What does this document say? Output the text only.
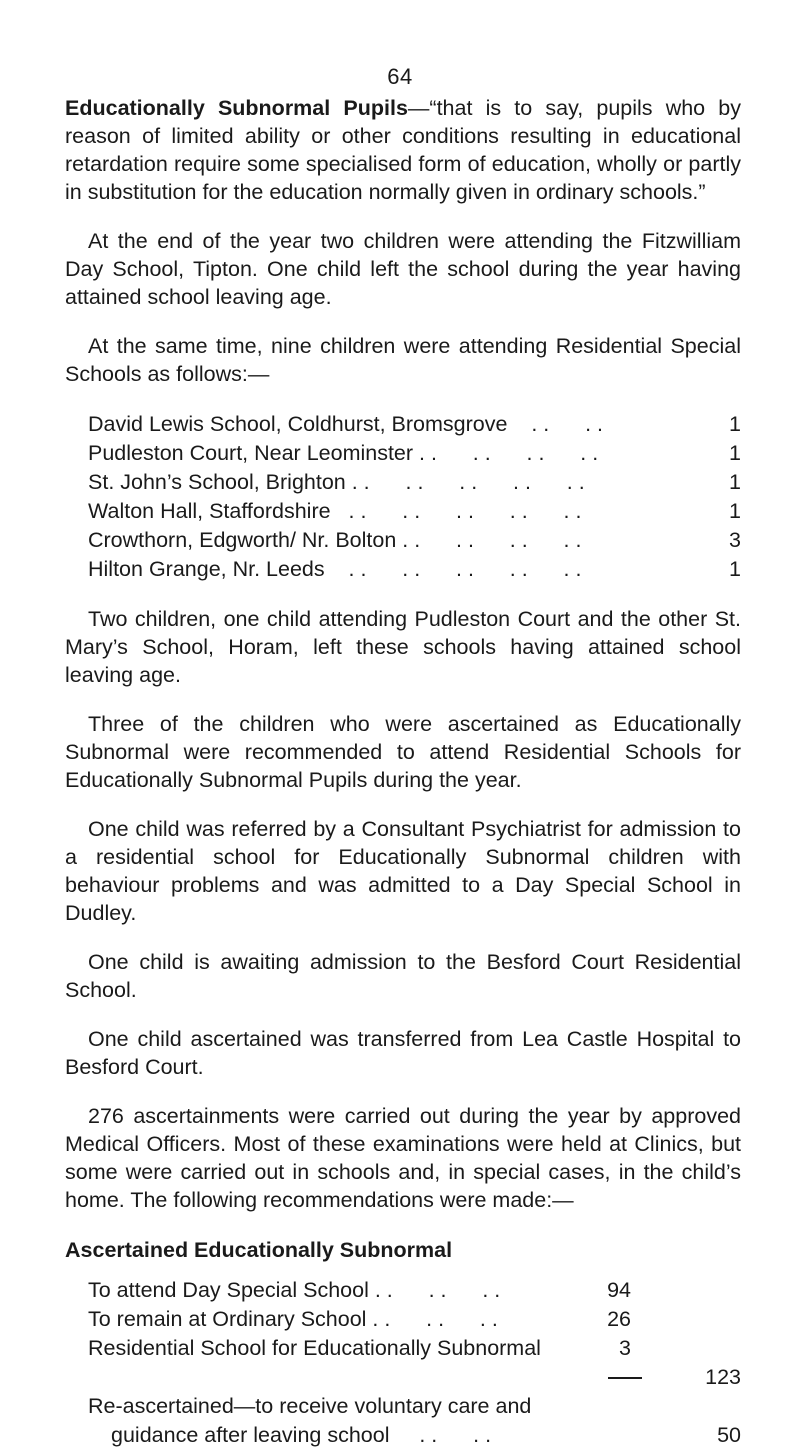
64

Educationally Subnormal Pupils—“that is to say, pupils who by reason of limited ability or other conditions resulting in educational retardation require some specialised form of education, wholly or partly in substitution for the education normally given in ordinary schools.”

At the end of the year two children were attending the Fitzwilliam Day School, Tipton. One child left the school during the year having attained school leaving age.

At the same time, nine children were attending Residential Special Schools as follows:—

David Lewis School, Coldhurst, Bromsgrove    . .      . .	1
Pudleston Court, Near Leominster . .      . .      . .      . .	1
St. John’s School, Brighton . .      . .      . .      . .      . .	1
Walton Hall, Staffordshire   . .      . .      . .      . .      . .	1
Crowthorn, Edgworth/ Nr. Bolton . .      . .      . .      . .	3
Hilton Grange, Nr. Leeds    . .      . .      . .      . .      . .	1

Two children, one child attending Pudleston Court and the other St. Mary’s School, Horam, left these schools having attained school leaving age.

Three of the children who were ascertained as Educationally Subnormal were recommended to attend Residential Schools for Educationally Subnormal Pupils during the year.

One child was referred by a Consultant Psychiatrist for admission to a residential school for Educationally Subnormal children with behaviour problems and was admitted to a Day Special School in Dudley.

One child is awaiting admission to the Besford Court Residential School.

One child ascertained was transferred from Lea Castle Hospital to Besford Court.

276 ascertainments were carried out during the year by approved Medical Officers. Most of these examinations were held at Clinics, but some were carried out in schools and, in special cases, in the child’s home. The following recommendations were made:—

Ascertained Educationally Subnormal

To attend Day Special School . .      . .      . .	94
To remain at Ordinary School . .      . .      . .	26
Residential School for Educationally Subnormal	3
123
Re-ascertained—to receive voluntary care and
guidance after leaving school     . .      . .	50
